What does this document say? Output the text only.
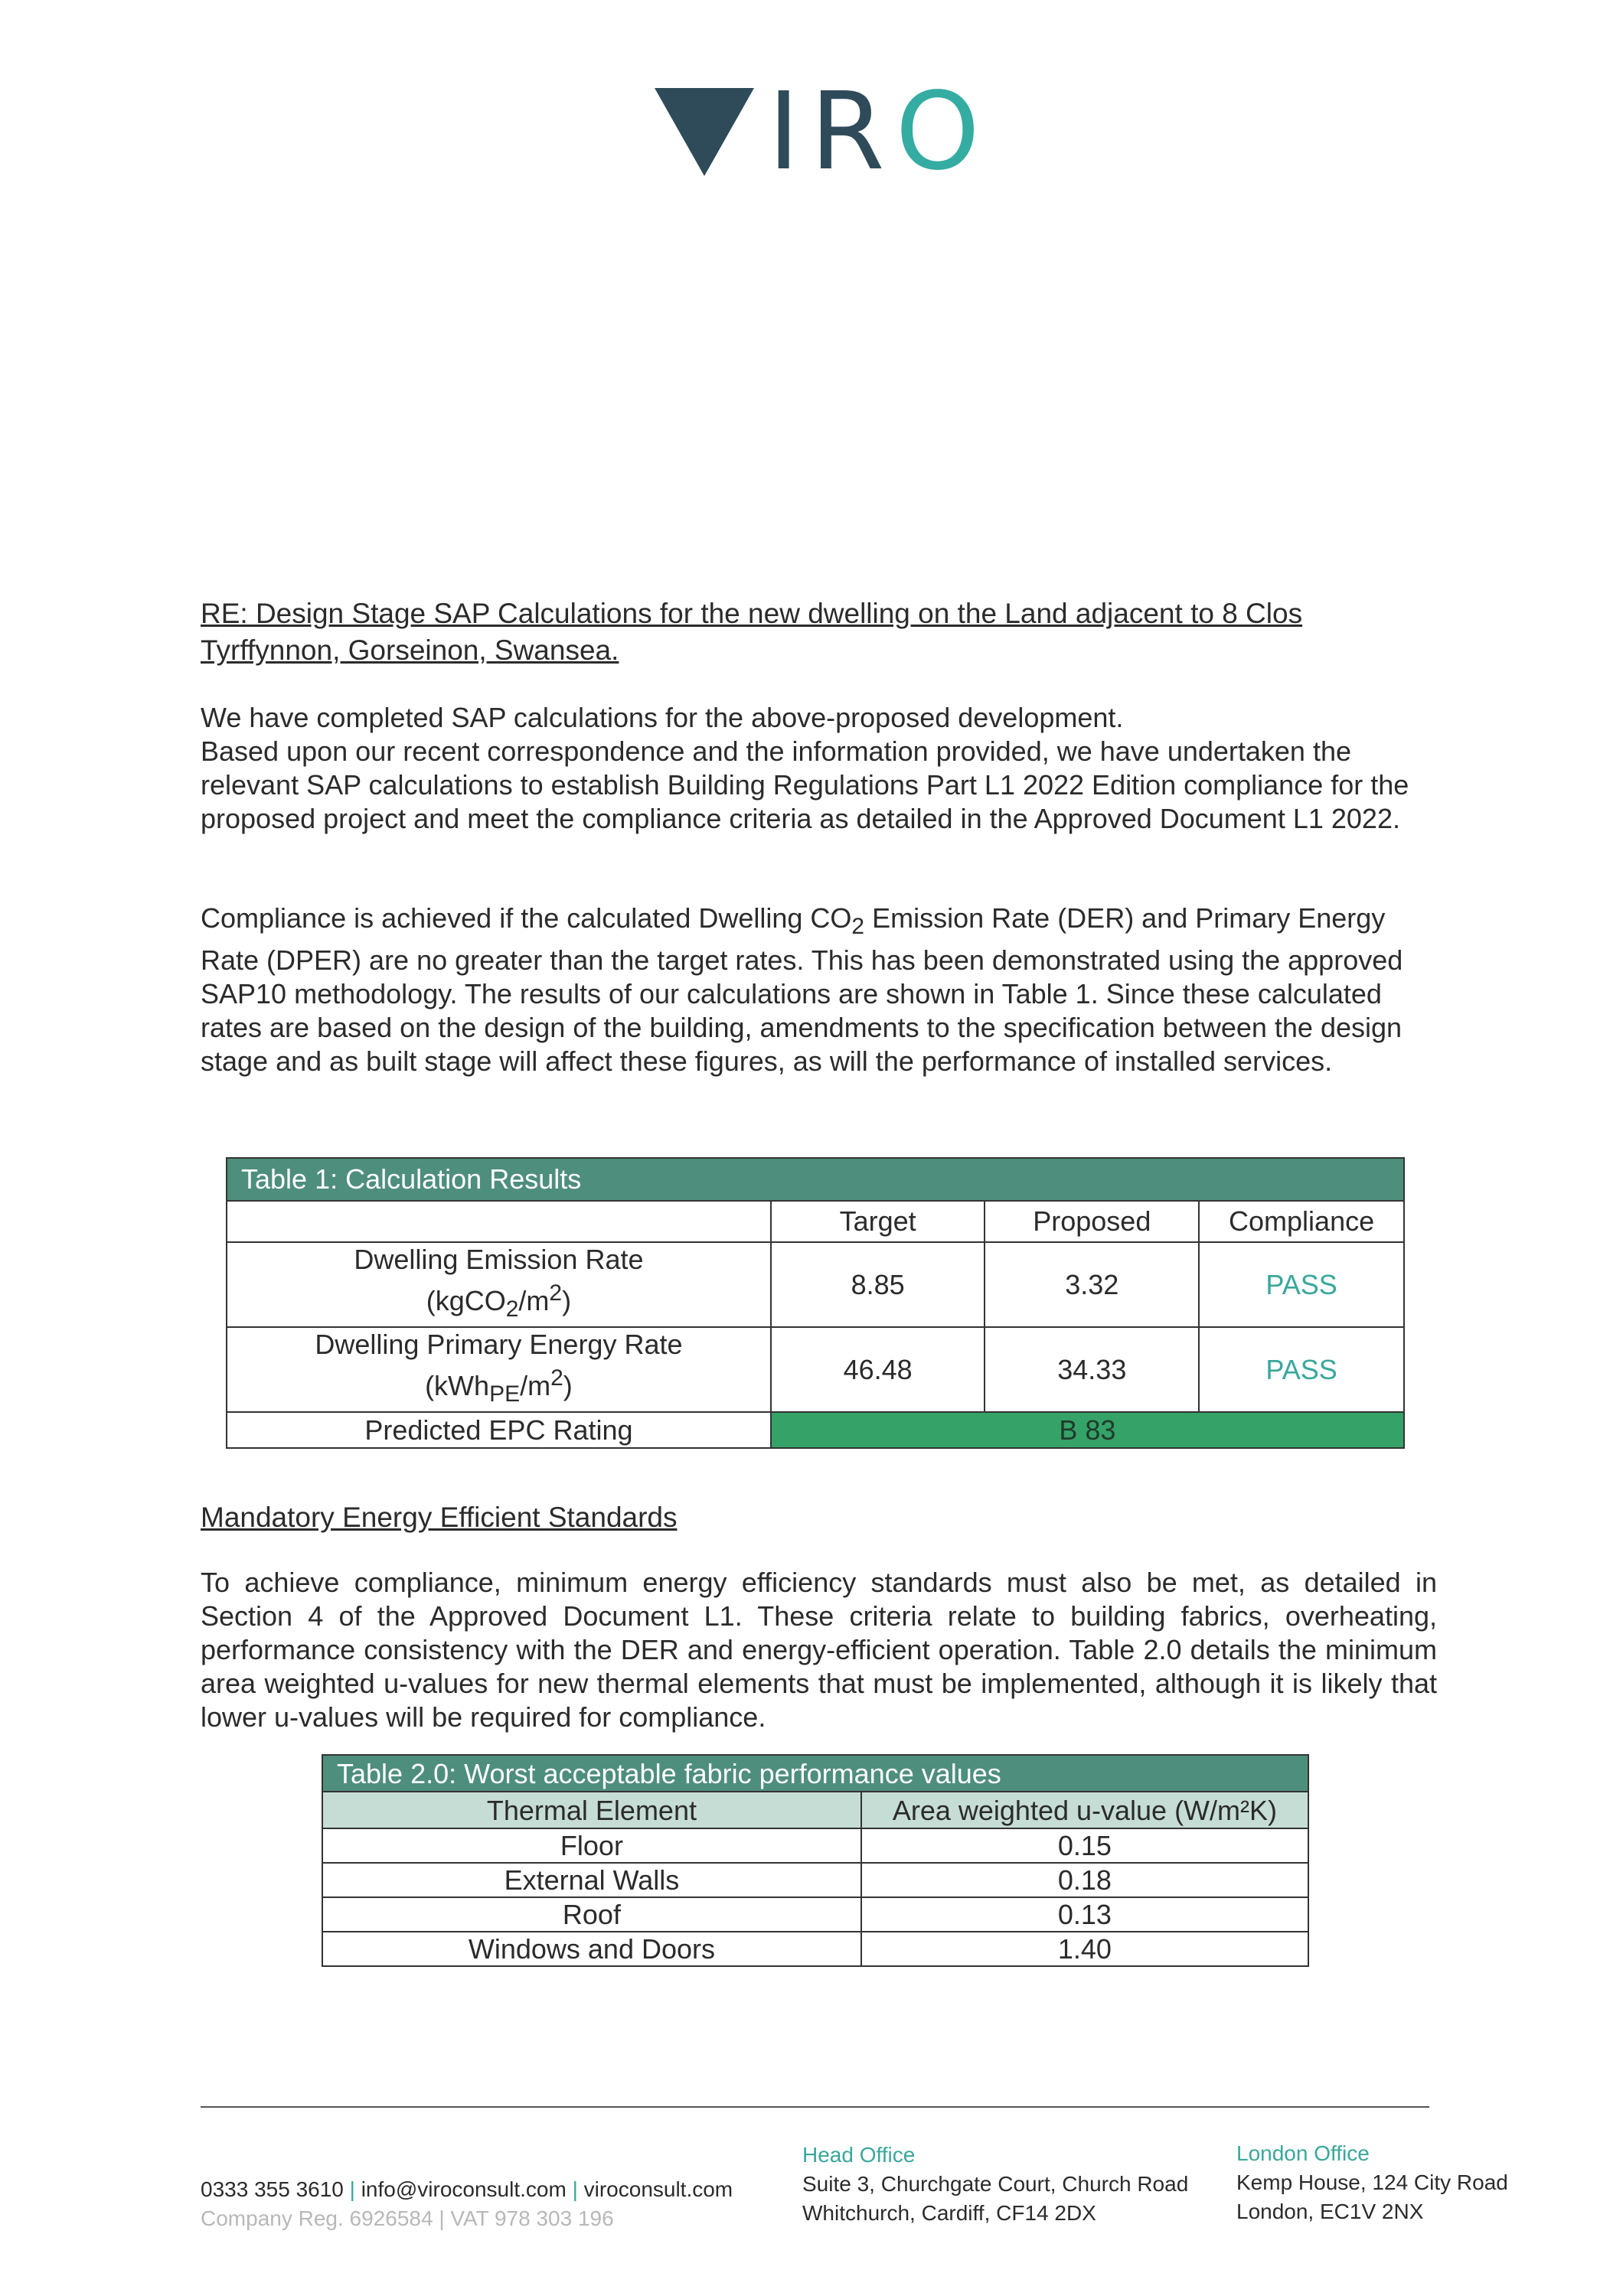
IRO
RE: Design Stage SAP Calculations for the new dwelling on the Land adjacent to 8 Clos Tyrffynnon, Gorseinon, Swansea.

We have completed SAP calculations for the above-proposed development.
Based upon our recent correspondence and the information provided, we have undertaken the relevant SAP calculations to establish Building Regulations Part L1 2022 Edition compliance for the proposed project and meet the compliance criteria as detailed in the Approved Document L1 2022.

Compliance is achieved if the calculated Dwelling $CO_2$ Emission Rate (DER) and Primary Energy Rate (DPER) are no greater than the target rates. This has been demonstrated using the approved SAP10 methodology. The results of our calculations are shown in Table 1. Since these calculated rates are based on the design of the building, amendments to the specification between the design stage and as built stage will affect these figures, as will the performance of installed services.

Table 1: Calculation Results			
	Target	Proposed	Compliance
Dwelling Emission Rate
$(kgCO_2/m^2)$	8.85	3.32	PASS
Dwelling Primary Energy Rate
$(kWh_{PE}/m^2)$	46.48	34.33	PASS
Predicted EPC Rating	B 83		
Mandatory Energy Efficient Standards

To achieve compliance, minimum energy efficiency standards must also be met, as detailed in Section 4 of the Approved Document L1. These criteria relate to building fabrics, overheating, performance consistency with the DER and energy-efficient operation. Table 2.0 details the minimum area weighted u-values for new thermal elements that must be implemented, although it is likely that lower u-values will be required for compliance.

Table 2.0: Worst acceptable fabric performance values	
Thermal Element	Area weighted u-value (W/m²K)
Floor	0.15
External Walls	0.18
Roof	0.13
Windows and Doors	1.40
0333 355 3610 | info@viroconsult.com | viroconsult.com
Company Reg. 6926584 | VAT 978 303 196
Head Office
Suite 3, Churchgate Court, Church Road
Whitchurch, Cardiff, CF14 2DX
London Office
Kemp House, 124 City Road
London, EC1V 2NX
